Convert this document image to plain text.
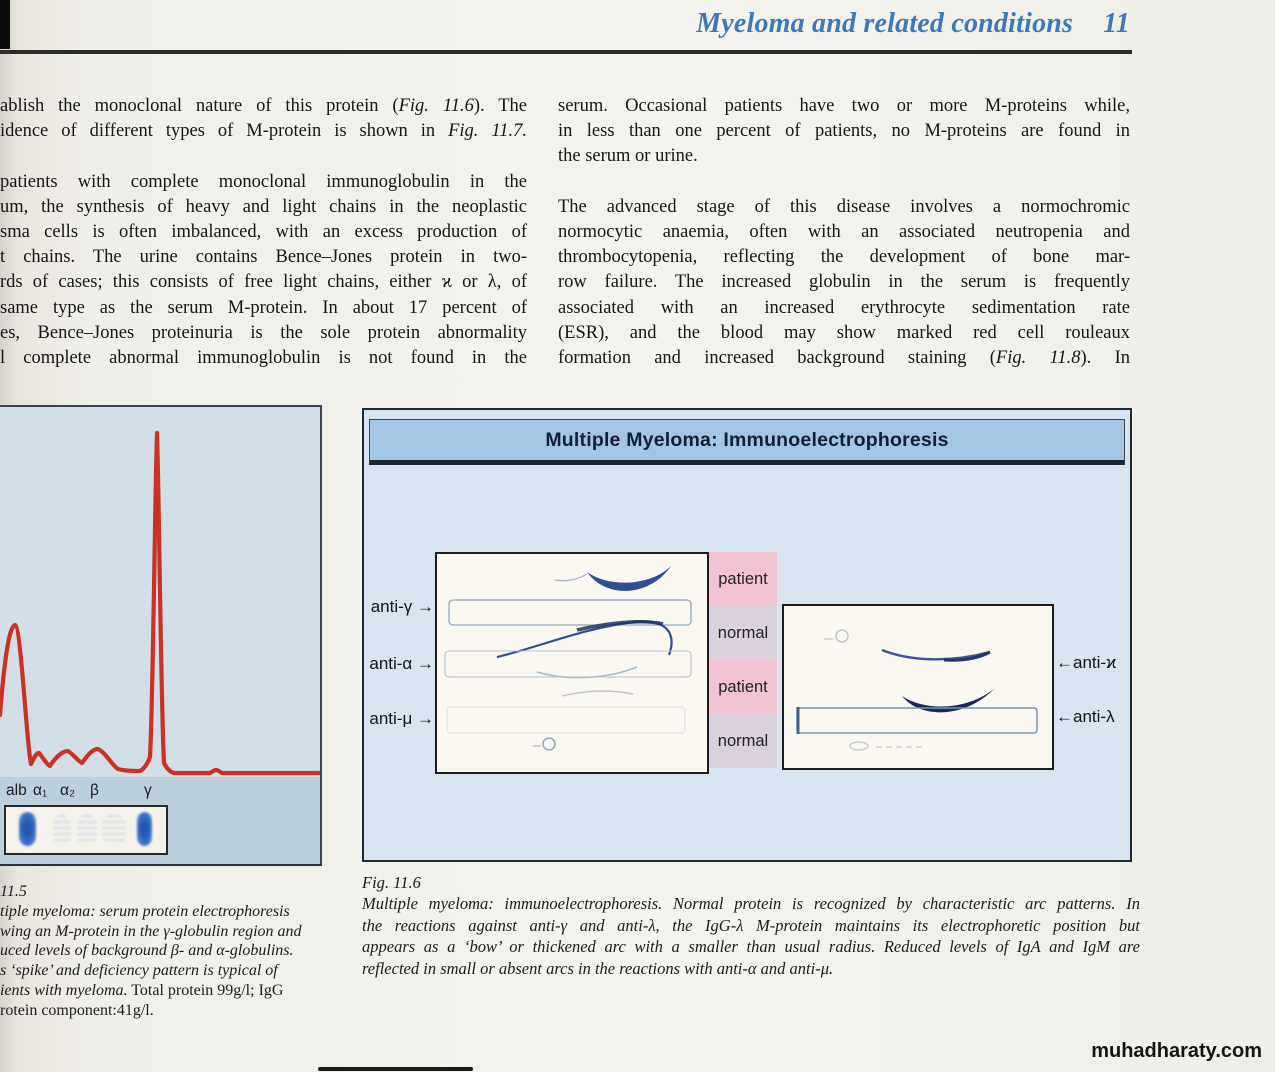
Myeloma and related conditions 11
ablish the monoclonal nature of this protein (Fig. 11.6). The
idence of different types of M-protein is shown in Fig. 11.7.

patients with complete monoclonal immunoglobulin in the
um, the synthesis of heavy and light chains in the neoplastic
sma cells is often imbalanced, with an excess production of
t chains. The urine contains Bence–Jones protein in two-
rds of cases; this consists of free light chains, either ϰ or λ, of
same type as the serum M-protein. In about 17 percent of
es, Bence–Jones proteinuria is the sole protein abnormality
l complete abnormal immunoglobulin is not found in the
serum. Occasional patients have two or more M-proteins while,
in less than one percent of patients, no M-proteins are found in
the serum or urine.

The advanced stage of this disease involves a normochromic
normocytic anaemia, often with an associated neutropenia and
thrombocytopenia, reflecting the development of bone mar-
row failure. The increased globulin in the serum is frequently
associated with an increased erythrocyte sedimentation rate
(ESR), and the blood may show marked red cell rouleaux
formation and increased background staining (Fig. 11.8). In
alb α₁ α₂ β	γ
Multiple Myeloma: Immunoelectrophoresis
anti-γ →
anti-α →
anti-μ →
patient
normal
patient
normal
←anti-ϰ
←anti-λ
11.5
tiple myeloma: serum protein electrophoresis
wing an M-protein in the γ-globulin region and
uced levels of background β- and α-globulins.
s ‘spike’ and deficiency pattern is typical of
ients with myeloma. Total protein 99g/l; IgG
rotein component:41g/l.
Fig. 11.6
Multiple myeloma: immunoelectrophoresis. Normal protein is recognized by characteristic arc patterns. In
the reactions against anti-γ and anti-λ, the IgG-λ M-protein maintains its electrophoretic position but
appears as a ‘bow’ or thickened arc with a smaller than usual radius. Reduced levels of IgA and IgM are
reflected in small or absent arcs in the reactions with anti-α and anti-μ.
muhadharaty.com
